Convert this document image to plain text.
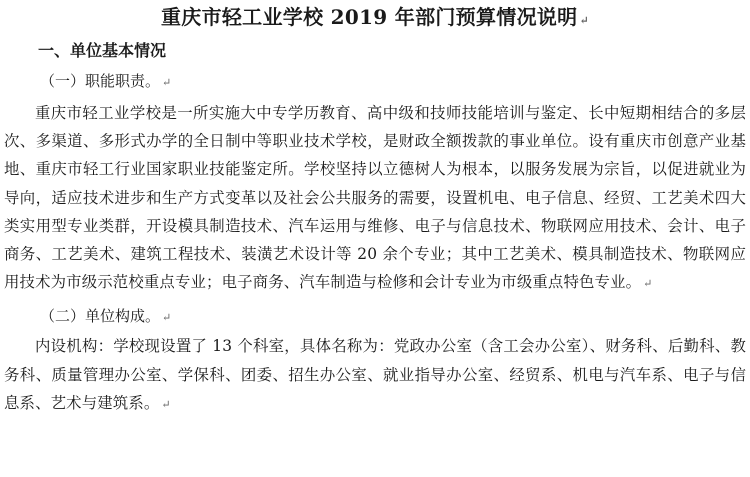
重庆市轻工业学校 2019 年部门预算情况说明 ↵
一、单位基本情况
（一）职能职责。 ↵

重庆市轻工业学校是一所实施大中专学历教育、高中级和技师技能培训与鉴定、长中短期相结合的多层次、多渠道、多形式办学的全日制中等职业技术学校，是财政全额拨款的事业单位。设有重庆市创意产业基地、重庆市轻工行业国家职业技能鉴定所。学校坚持以立德树人为根本，以服务发展为宗旨，以促进就业为导向，适应技术进步和生产方式变革以及社会公共服务的需要，设置机电、电子信息、经贸、工艺美术四大类实用型专业类群，开设模具制造技术、汽车运用与维修、电子与信息技术、物联网应用技术、会计、电子商务、工艺美术、建筑工程技术、装潢艺术设计等 20 余个专业；其中工艺美术、模具制造技术、物联网应用技术为市级示范校重点专业；电子商务、汽车制造与检修和会计专业为市级重点特色专业。 ↵

（二）单位构成。 ↵

内设机构：学校现设置了 13 个科室，具体名称为：党政办公室（含工会办公室）、财务科、后勤科、教务科、质量管理办公室、学保科、团委、招生办公室、就业指导办公室、经贸系、机电与汽车系、电子与信息系、艺术与建筑系。 ↵
